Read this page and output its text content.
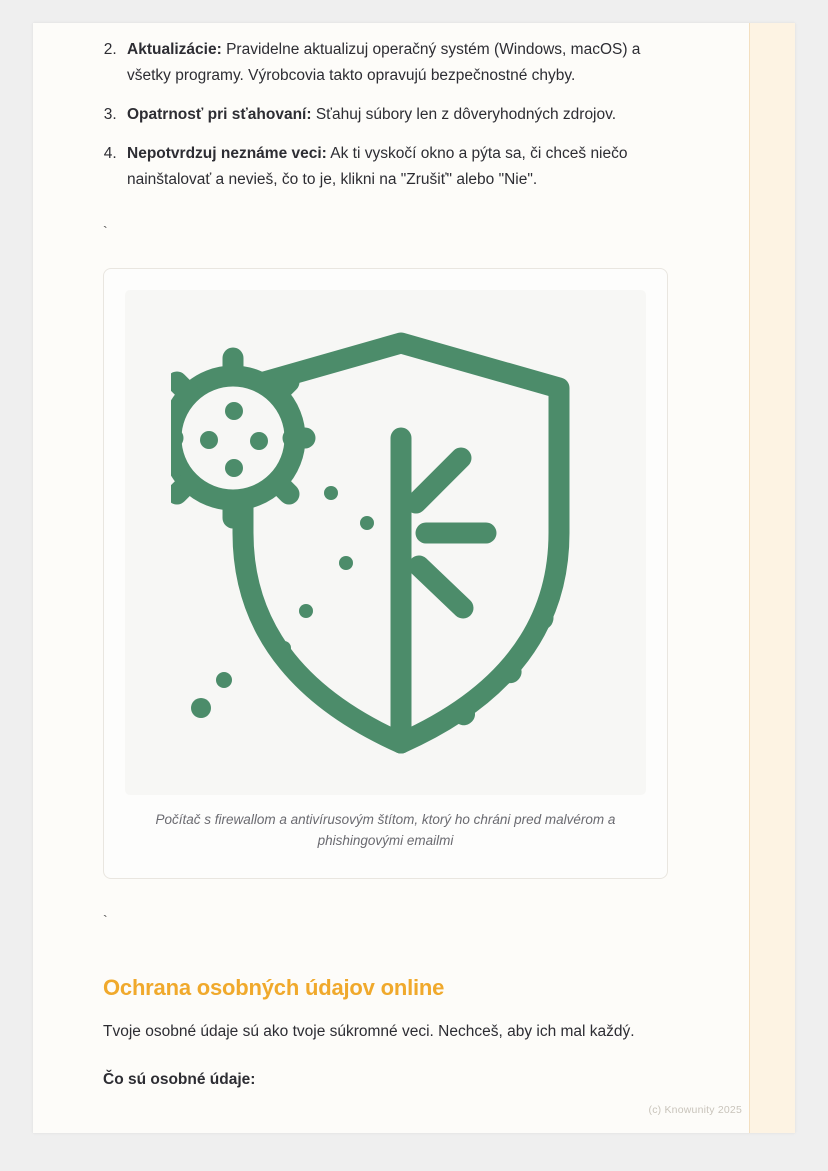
2. Aktualizácie: Pravidelne aktualizuj operačný systém (Windows, macOS) a všetky programy. Výrobcovia takto opravujú bezpečnostné chyby.
3. Opatrnosť pri sťahovaní: Sťahuj súbory len z dôveryhodných zdrojov.
4. Nepotvrdzuj neznáme veci: Ak ti vyskočí okno a pýta sa, či chceš niečo nainštalovať a nevieš, čo to je, klikni na "Zrušiť" alebo "Nie".
`
Počítač s firewallom a antivírusovým štítom, ktorý ho chráni pred malvérom a phishingovými emailmi
`
Ochrana osobných údajov online

Tvoje osobné údaje sú ako tvoje súkromné veci. Nechceš, aby ich mal každý.

Čo sú osobné údaje:

(c) Knowunity 2025
